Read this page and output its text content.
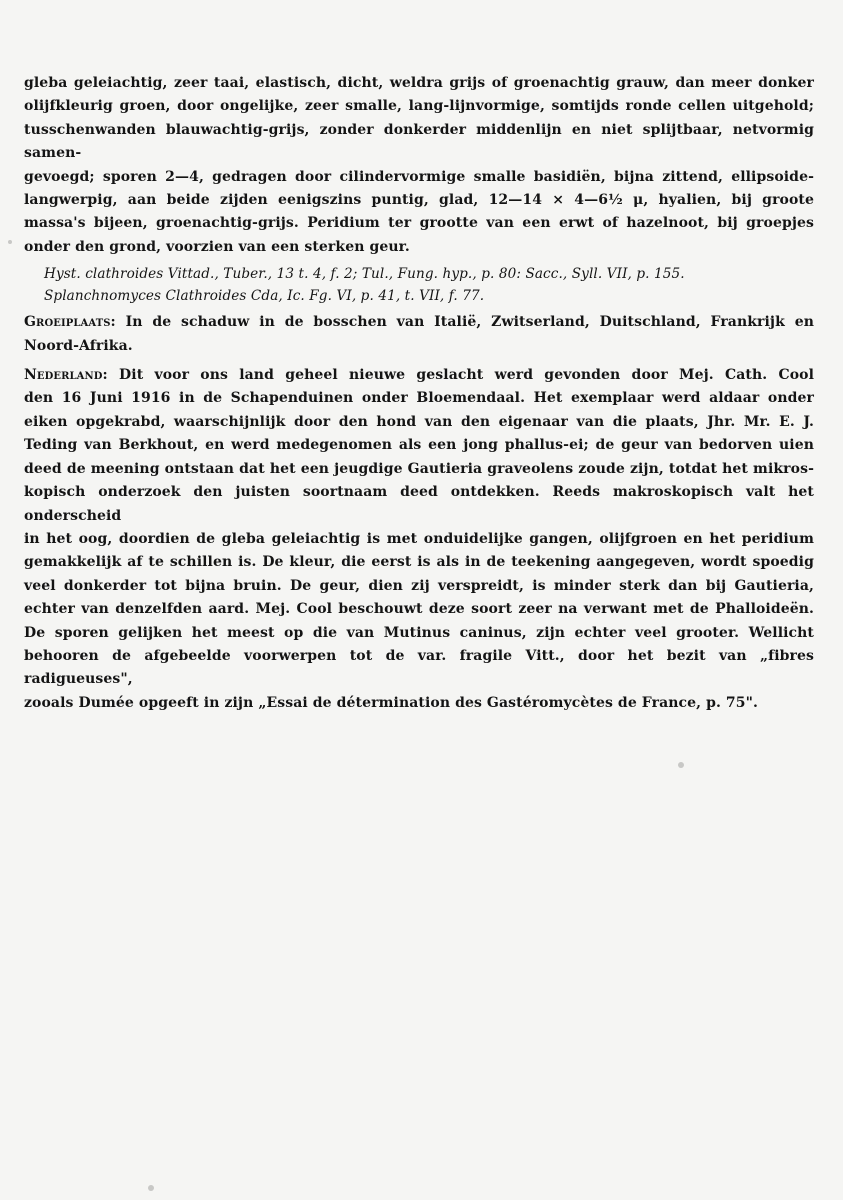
gleba geleiachtig, zeer taai, elastisch, dicht, weldra grijs of groenachtig grauw, dan meer donker
olijfkleurig groen, door ongelijke, zeer smalle, lang-lijnvormige, somtijds ronde cellen uitgehold;
tusschenwanden blauwachtig-grijs, zonder donkerder middenlijn en niet splijtbaar, netvormig samen-
gevoegd; sporen 2—4, gedragen door cilindervormige smalle basidiën, bijna zittend, ellipsoide-
langwerpig, aan beide zijden eenigszins puntig, glad, 12—14 × 4—6½ μ, hyalien, bij groote
massa's bijeen, groenachtig-grijs. Peridium ter grootte van een erwt of hazelnoot, bij groepjes
onder den grond, voorzien van een sterken geur.
Hyst. clathroides Vittad., Tuber., 13 t. 4, f. 2; Tul., Fung. hyp., p. 80: Sacc., Syll. VII, p. 155.
Splanchnomyces Clathroides Cda, Ic. Fg. VI, p. 41, t. VII, f. 77.
Groeiplaats: In de schaduw in de bosschen van Italië, Zwitserland, Duitschland, Frankrijk en
Noord-Afrika.
Nederland: Dit voor ons land geheel nieuwe geslacht werd gevonden door Mej. Cath. Cool
den 16 Juni 1916 in de Schapenduinen onder Bloemendaal. Het exemplaar werd aldaar onder
eiken opgekrabd, waarschijnlijk door den hond van den eigenaar van die plaats, Jhr. Mr. E. J.
Teding van Berkhout, en werd medegenomen als een jong phallus-ei; de geur van bedorven uien
deed de meening ontstaan dat het een jeugdige Gautieria graveolens zoude zijn, totdat het mikros-
kopisch onderzoek den juisten soortnaam deed ontdekken. Reeds makroskopisch valt het onderscheid
in het oog, doordien de gleba geleiachtig is met onduidelijke gangen, olijfgroen en het peridium
gemakkelijk af te schillen is. De kleur, die eerst is als in de teekening aangegeven, wordt spoedig
veel donkerder tot bijna bruin. De geur, dien zij verspreidt, is minder sterk dan bij Gautieria,
echter van denzelfden aard. Mej. Cool beschouwt deze soort zeer na verwant met de Phalloideën.
De sporen gelijken het meest op die van Mutinus caninus, zijn echter veel grooter. Wellicht
behooren de afgebeelde voorwerpen tot de var. fragile Vitt., door het bezit van „fibres radigueuses",
zooals Dumée opgeeft in zijn „Essai de détermination des Gastéromycètes de France, p. 75".
